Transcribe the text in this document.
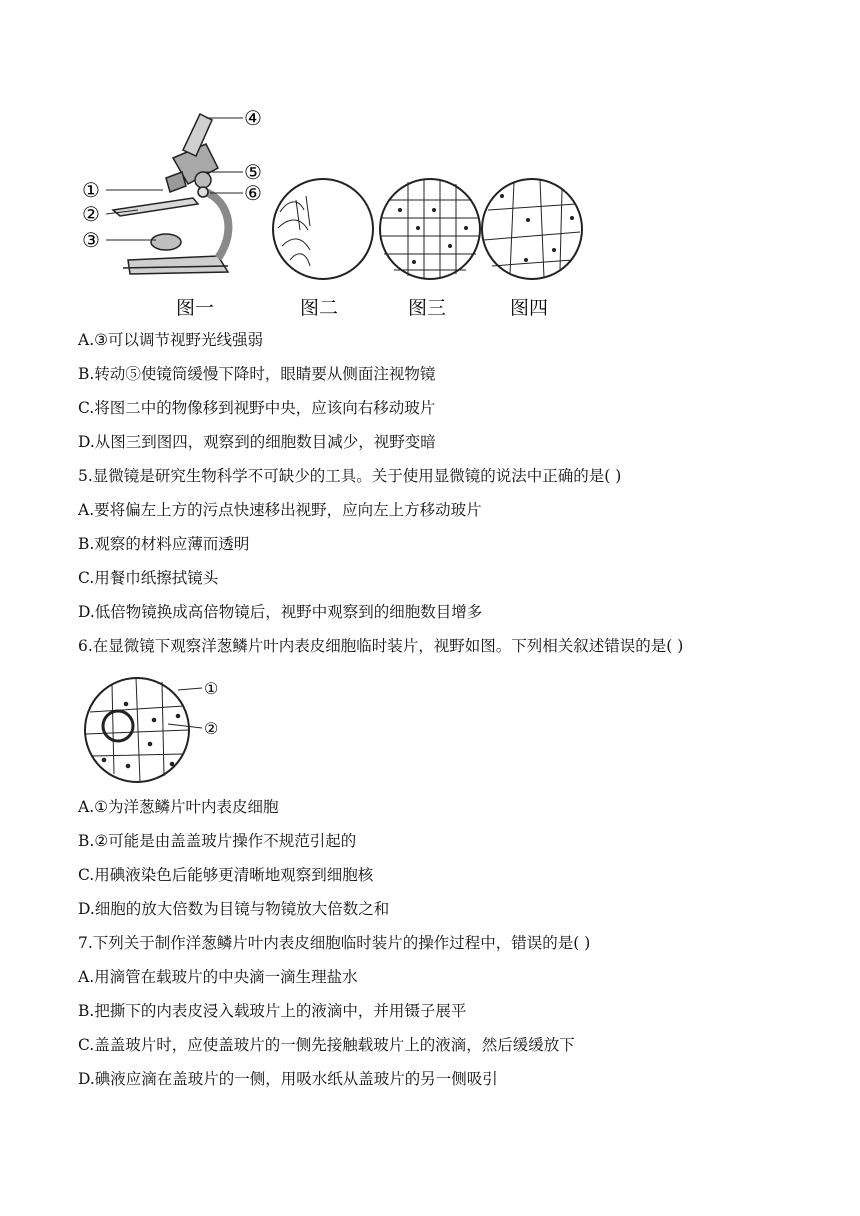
①
②
③
④
⑤
⑥
图一	图二	图三	图四
A.③可以调节视野光线强弱
B.转动⑤使镜筒缓慢下降时，眼睛要从侧面注视物镜
C.将图二中的物像移到视野中央，应该向右移动玻片
D.从图三到图四，观察到的细胞数目减少，视野变暗
5.显微镜是研究生物科学不可缺少的工具。关于使用显微镜的说法中正确的是( )
A.要将偏左上方的污点快速移出视野，应向左上方移动玻片
B.观察的材料应薄而透明
C.用餐巾纸擦拭镜头
D.低倍物镜换成高倍物镜后，视野中观察到的细胞数目增多
6.在显微镜下观察洋葱鳞片叶内表皮细胞临时装片，视野如图。下列相关叙述错误的是( )
①
②
A.①为洋葱鳞片叶内表皮细胞
B.②可能是由盖盖玻片操作不规范引起的
C.用碘液染色后能够更清晰地观察到细胞核
D.细胞的放大倍数为目镜与物镜放大倍数之和
7.下列关于制作洋葱鳞片叶内表皮细胞临时装片的操作过程中，错误的是( )
A.用滴管在载玻片的中央滴一滴生理盐水
B.把撕下的内表皮浸入载玻片上的液滴中，并用镊子展平
C.盖盖玻片时，应使盖玻片的一侧先接触载玻片上的液滴，然后缓缓放下
D.碘液应滴在盖玻片的一侧，用吸水纸从盖玻片的另一侧吸引
